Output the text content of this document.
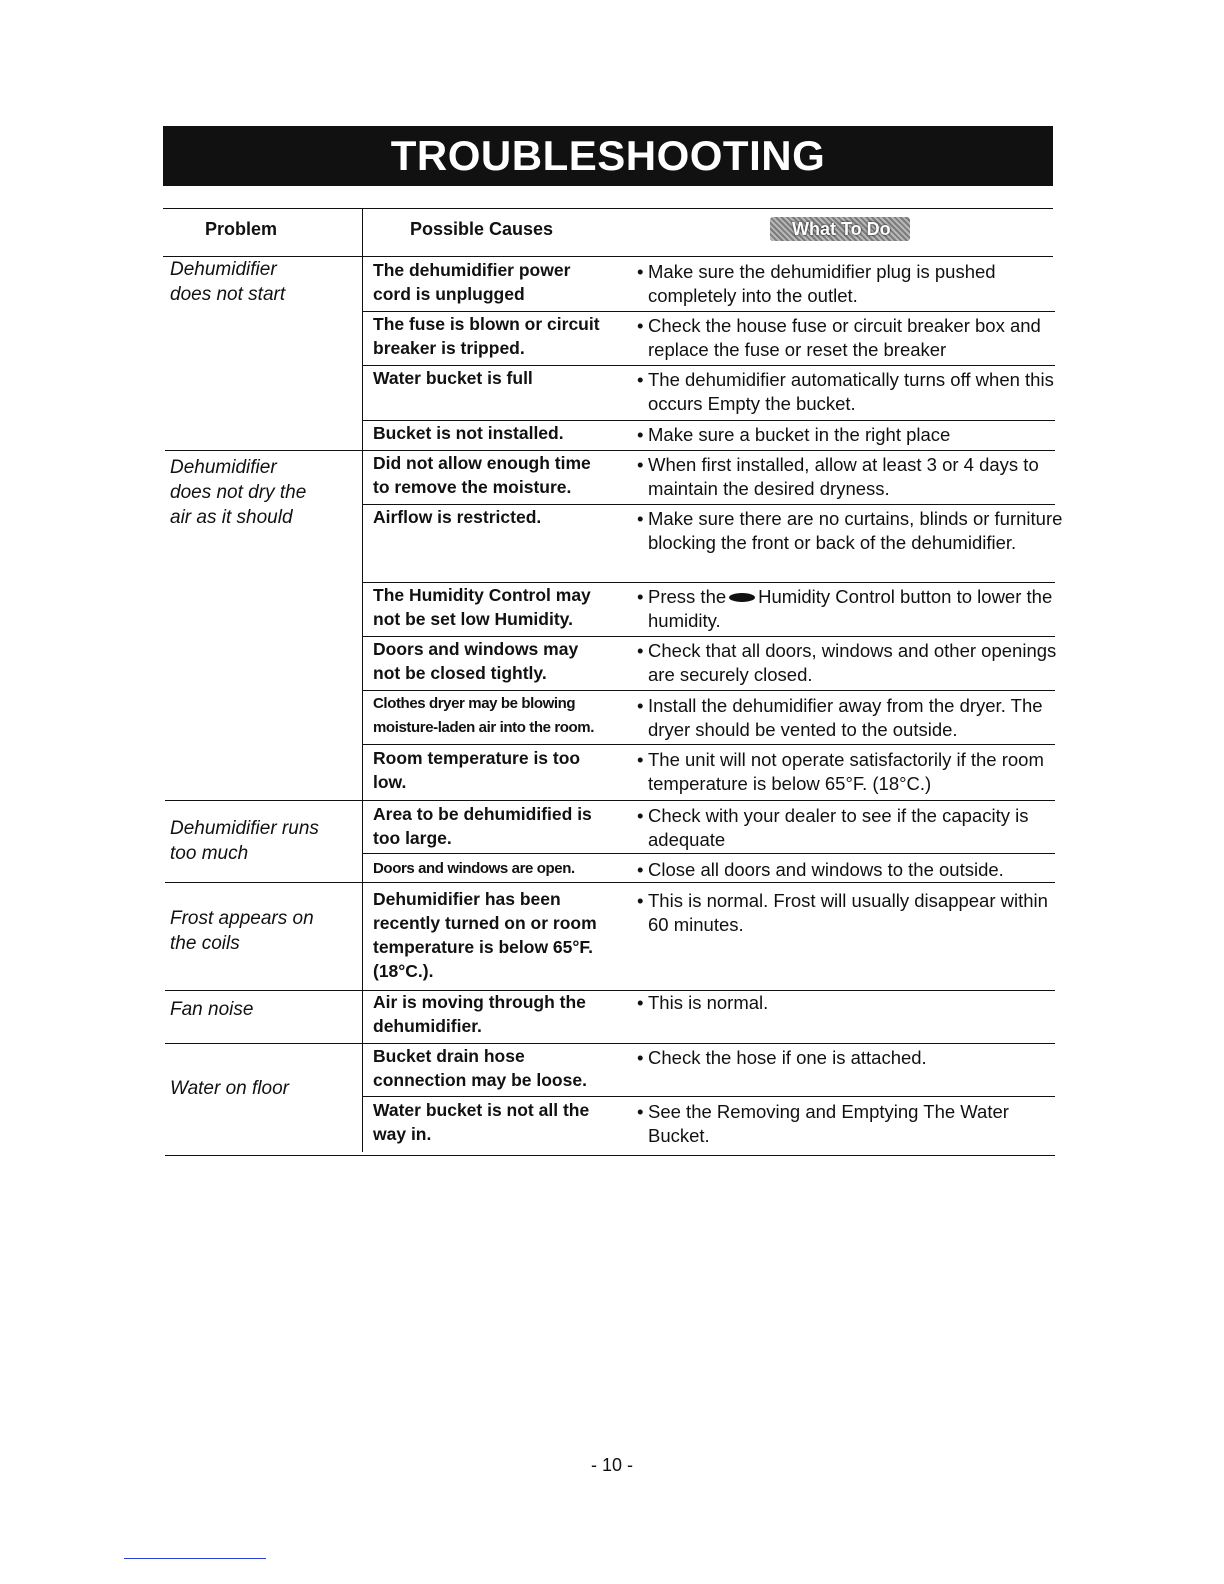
TROUBLESHOOTING
Problem	Possible Causes	What To Do
Dehumidifier
does not start
Dehumidifier
does not dry the
air as it should
Dehumidifier runs
too much
Frost appears on
the coils
Fan noise
Water on floor
The dehumidifier power
cord is unplugged
The fuse is blown or circuit
breaker is tripped.
Water bucket is full
Bucket is not installed.
Did not allow enough time
to remove the moisture.
Airflow is restricted.
The Humidity Control may
not be set low Humidity.
Doors and windows may
not be closed tightly.
Clothes dryer may be blowing
moisture-laden air into the room.
Room temperature is too
low.
Area to be dehumidified is
too large.
Doors and windows are open.
Dehumidifier has been
recently turned on or room
temperature is below 65°F.
(18°C.).
Air is moving through the
dehumidifier.
Bucket drain hose
connection may be loose.
Water bucket is not all the
way in.
• Make sure the dehumidifier plug is pushed completely into the outlet.
• Check the house fuse or circuit breaker box and replace the fuse or reset the breaker
• The dehumidifier automatically turns off when this occurs Empty the bucket.
• Make sure a bucket in the right place
• When first installed, allow at least 3 or 4 days to maintain the desired dryness.
• Make sure there are no curtains, blinds or furniture blocking the front or back of the dehumidifier.
• Press the Humidity Control button to lower the humidity.
• Check that all doors, windows and other openings are securely closed.
• Install the dehumidifier away from the dryer. The dryer should be vented to the outside.
• The unit will not operate satisfactorily if the room temperature is below 65°F. (18°C.)
• Check with your dealer to see if the capacity is adequate
• Close all doors and windows to the outside.
• This is normal. Frost will usually disappear within 60 minutes.
• This is normal.
• Check the hose if one is attached.
• See the Removing and Emptying The Water Bucket.
- 10 -
